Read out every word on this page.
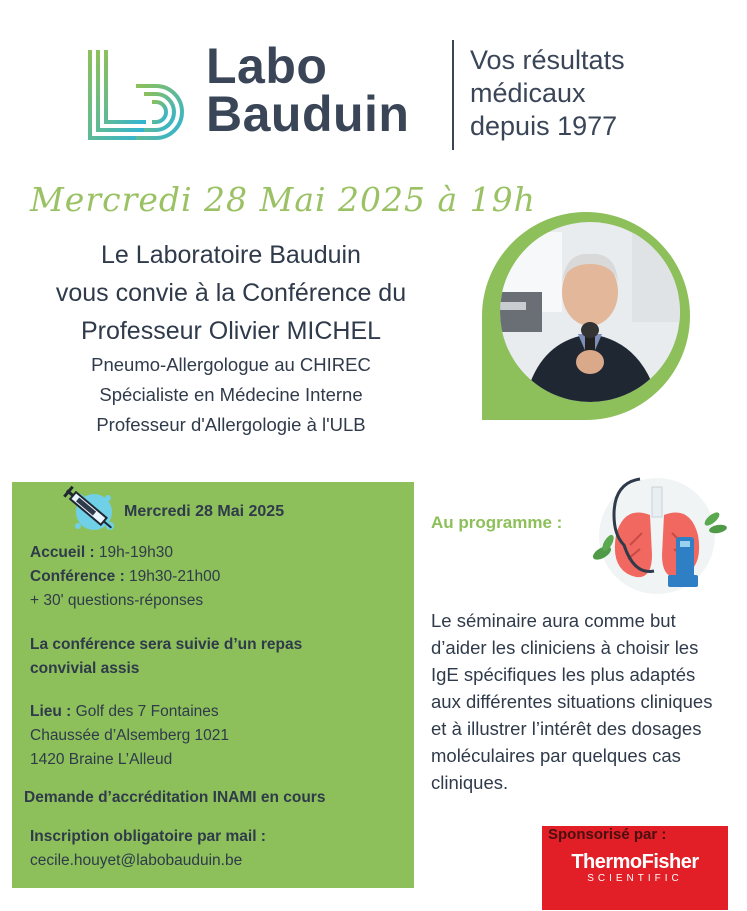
Labo
Bauduin
Vos résultats
médicaux
depuis 1977
Mercredi 28 Mai 2025 à 19h
Le Laboratoire Bauduin
vous convie à la Conférence du
Professeur Olivier MICHEL
Pneumo-Allergologue au CHIREC
Spécialiste en Médecine Interne
Professeur d'Allergologie à l'ULB
Mercredi 28 Mai 2025
Accueil : 19h-19h30
Conférence : 19h30-21h00
+ 30' questions-réponses
La conférence sera suivie d’un repas
convivial assis
Lieu : Golf des 7 Fontaines
Chaussée d’Alsemberg 1021
1420 Braine L’Alleud
Demande d’accréditation INAMI en cours
Inscription obligatoire par mail :
cecile.houyet@labobauduin.be
Au programme :
Le séminaire aura comme but
d’aider les cliniciens à choisir les
IgE spécifiques les plus adaptés
aux différentes situations cliniques
et à illustrer l’intérêt des dosages
moléculaires par quelques cas
cliniques.
Sponsorisé par :
ThermoFisher
SCIENTIFIC
